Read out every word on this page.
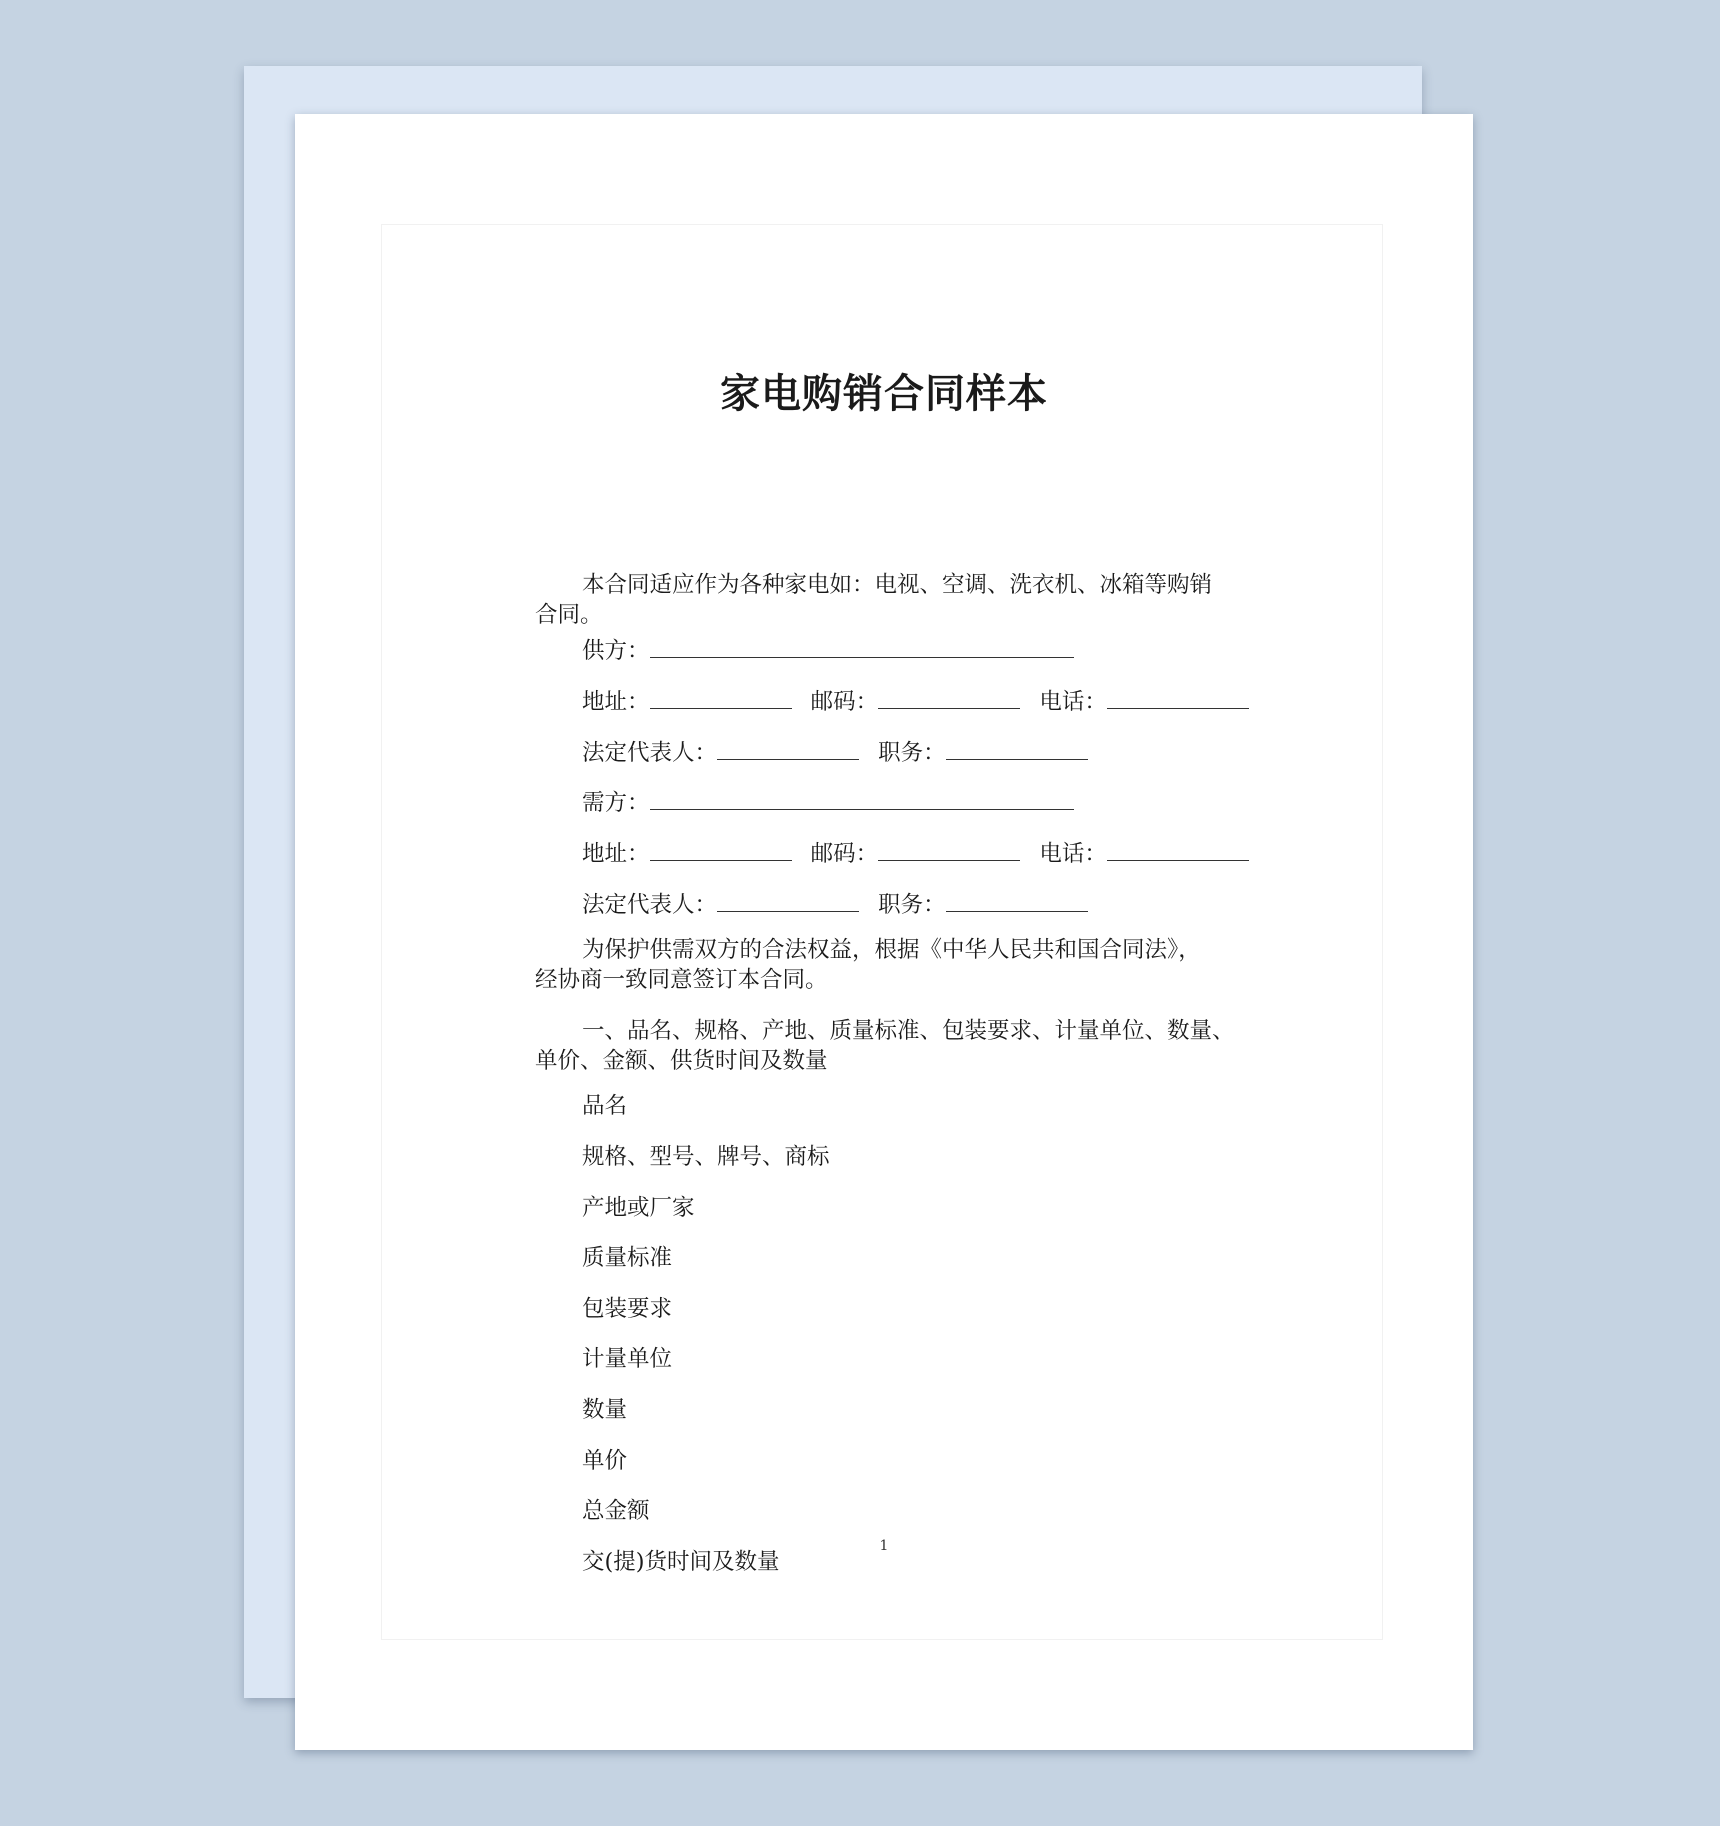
家电购销合同样本
本合同适应作为各种家电如：电视、空调、洗衣机、冰箱等购销
合同。
供方：
地址：	邮码：	电话：
法定代表人：	职务：
需方：
地址：	邮码：	电话：
法定代表人：	职务：
为保护供需双方的合法权益，根据《中华人民共和国合同法》，
经协商一致同意签订本合同。
一、品名、规格、产地、质量标准、包装要求、计量单位、数量、
单价、金额、供货时间及数量
品名
规格、型号、牌号、商标
产地或厂家
质量标准
包装要求
计量单位
数量
单价
总金额
交(提)货时间及数量
1
